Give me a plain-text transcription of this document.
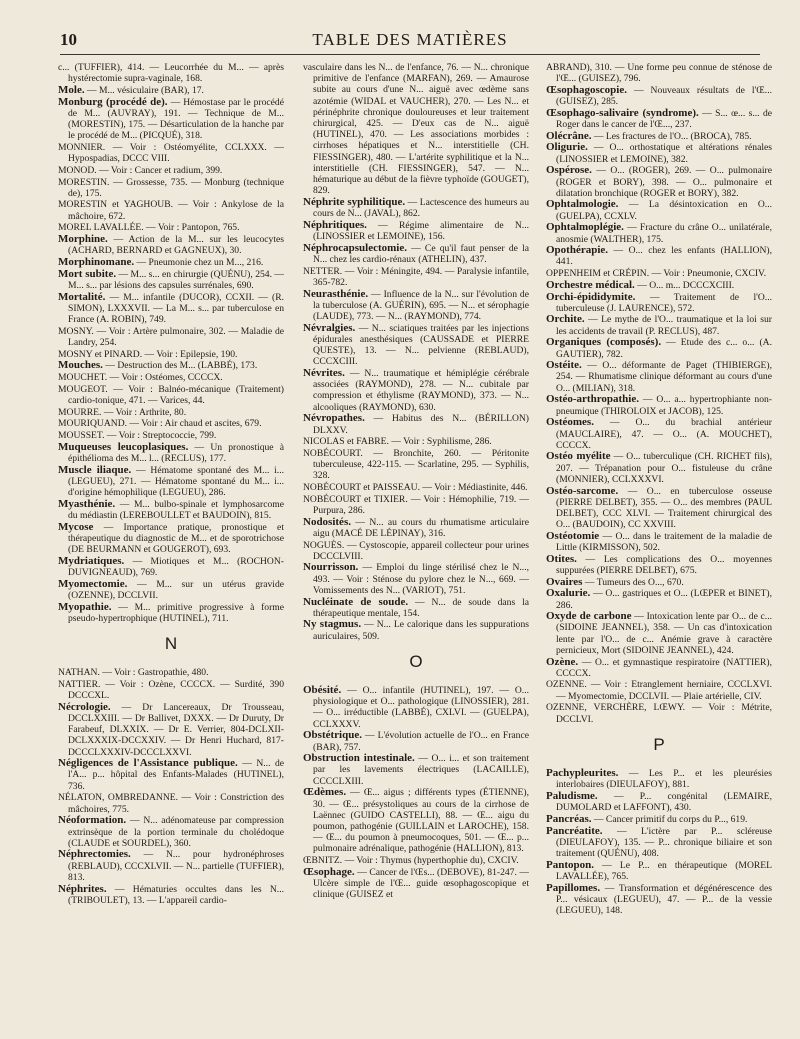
10	TABLE DES MATIÈRES

c... (TUFFIER), 414. — Leucorrhée du M... — après hystérectomie supra-vaginale, 168.

Mole. — M... vésiculaire (BAR), 17.

Monburg (procédé de). — Hémostase par le procédé de M... (AUVRAY), 191. — Technique de M... (MORESTIN), 175. — Désarticulation de la hanche par le procédé de M... (PICQUÉ), 318.

MONNIER. — Voir : Ostéomyélite, CCLXXX. — Hypospadias, DCCC VIII.

MONOD. — Voir : Cancer et radium, 399.

MORESTIN. — Grossesse, 735. — Monburg (technique de), 175.

MORESTIN et YAGHOUB. — Voir : Ankylose de la mâchoire, 672.

MOREL LAVALLÉE. — Voir : Pantopon, 765.

Morphine. — Action de la M... sur les leucocytes (ACHARD, BERNARD et GAGNEUX), 30.

Morphinomane. — Pneumonie chez un M..., 216.

Mort subite. — M... s... en chirurgie (QUÉNU), 254. — M... s... par lésions des capsules surrénales, 690.

Mortalité. — M... infantile (DUCOR), CCXII. — (R. SIMON), LXXXVII. — La M... s... par tuberculose en France (A. ROBIN), 749.

MOSNY. — Voir : Artère pulmonaire, 302. — Maladie de Landry, 254.

MOSNY et PINARD. — Voir : Epilepsie, 190.

Mouches. — Destruction des M... (LABBÉ), 173.

MOUCHET. — Voir : Ostéomes, CCCCX.

MOUGEOT. — Voir : Balnéo-mécanique (Traitement) cardio-tonique, 471. — Varices, 44.

MOURRE. — Voir : Arthrite, 80.

MOURIQUAND. — Voir : Air chaud et ascites, 679.

MOUSSET. — Voir : Streptococcie, 799.

Muqueuses leucoplasiques. — Un pronostique à épithélioma des M... l... (RECLUS), 177.

Muscle iliaque. — Hématome spontané des M... i... (LEGUEU), 271. — Hématome spontané du M... i... d'origine hémophilique (LEGUEU), 286.

Myasthénie. — M... bulbo-spinale et lymphosarcome du médiastin (LEREBOULLET et BAUDOIN), 815.

Mycose — Importance pratique, pronostique et thérapeutique du diagnostic de M... et de sporotrichose (DE BEURMANN et GOUGEROT), 693.

Mydriatiques. — Miotiques et M... (ROCHON-DUVIGNEAUD), 769.

Myomectomie. — M... sur un utérus gravide (OZENNE), DCCLVII.

Myopathie. — M... primitive progressive à forme pseudo-hypertrophique (HUTINEL), 711.

N

NATHAN. — Voir : Gastropathie, 480.

NATTIER. — Voir : Ozène, CCCCX. — Surdité, 390 DCCCXL.

Nécrologie. — Dr Lancereaux, Dr Trousseau, DCCLXXIII. — Dr Ballivet, DXXX. — Dr Duruty, Dr Farabeuf, DLXXIX. — Dr E. Verrier, 804-DCLXII-DCLXXXIX-DCCXXIV. — Dr Henri Huchard, 817-DCCCLXXXIV-DCCCLXXVI.

Négligences de l'Assistance publique. — N... de l'A... p... hôpital des Enfants-Malades (HUTINEL), 736.

NÉLATON, OMBREDANNE. — Voir : Constriction des mâchoires, 775.

Néoformation. — N... adénomateuse par compression extrinsèque de la portion terminale du cholédoque (CLAUDE et SOURDEL), 360.

Néphrectomies. — N... pour hydronéphroses (REBLAUD), CCCXLVII. — N... partielle (TUFFIER), 813.

Néphrites. — Hématuries occultes dans les N... (TRIBOULET), 13. — L'appareil cardio-

vasculaire dans les N... de l'enfance, 76. — N... chronique primitive de l'enfance (MARFAN), 269. — Amaurose subite au cours d'une N... aiguë avec œdème sans azotémie (WIDAL et VAUCHER), 270. — Les N... et périnéphrite chronique douloureuses et leur traitement chirurgical, 425. — D'eux cas de N... aiguë (HUTINEL), 470. — Les associations morbides : cirrhoses hépatiques et N... interstitielle (CH. FIESSINGER), 480. — L'artérite syphilitique et la N... interstitielle (CH. FIESSINGER), 547. — N... hématurique au début de la fièvre typhoïde (GOUGET), 829.

Néphrite syphilitique. — Lactescence des humeurs au cours de N... (JAVAL), 862.

Néphritiques. — Régime alimentaire de N... (LINOSSIER et LEMOINE), 156.

Néphrocapsulectomie. — Ce qu'il faut penser de la N... chez les cardio-rénaux (ATHELIN), 437.

NETTER. — Voir : Méningite, 494. — Paralysie infantile, 365-782.

Neurasthénie. — Influence de la N... sur l'évolution de la tuberculose (A. GUÉRIN), 695. — N... et sérophagie (LAUDE), 773. — N... (RAYMOND), 774.

Névralgies. — N... sciatiques traitées par les injections épidurales anesthésiques (CAUSSADE et PIERRE QUESTE), 13. — N... pelvienne (REBLAUD), CCCXCIII.

Névrites. — N... traumatique et hémiplégie cérébrale associées (RAYMOND), 278. — N... cubitale par compression et éthylisme (RAYMOND), 373. — N... alcooliques (RAYMOND), 630.

Névropathes. — Habitus des N... (BÉRILLON) DLXXV.

NICOLAS et FABRE. — Voir : Syphilisme, 286.

NOBÉCOURT. — Bronchite, 260. — Péritonite tuberculeuse, 422-115. — Scarlatine, 295. — Syphilis, 328.

NOBÉCOURT et PAISSEAU. — Voir : Médiastinite, 446.

NOBÉCOURT et TIXIER. — Voir : Hémophilie, 719. — Purpura, 286.

Nodosités. — N... au cours du rhumatisme articulaire aigu (MACÉ DE LÉPINAY), 316.

NOGUÈS. — Cystoscopie, appareil collecteur pour urines DCCCLVIII.

Nourrisson. — Emploi du linge stérilisé chez le N..., 493. — Voir : Sténose du pylore chez le N..., 669. — Vomissements des N... (VARIOT), 751.

Nucléinate de soude. — N... de soude dans la thérapeutique mentale, 154.

Ny stagmus. — N... Le calorique dans les suppurations auriculaires, 509.

O

Obésité. — O... infantile (HUTINEL), 197. — O... physiologique et O... pathologique (LINOSSIER), 281. — O... irréductible (LABBÉ), CXLVI. — (GUELPA), CCLXXXV.

Obstétrique. — L'évolution actuelle de l'O... en France (BAR), 757.

Obstruction intestinale. — O... i... et son traitement par les lavements électriques (LACAILLE), CCCCLXIII.

Œdèmes. — Œ... aigus ; différents types (ÉTIENNE), 30. — Œ... présystoliques au cours de la cirrhose de Laënnec (GUIDO CASTELLI), 88. — Œ... aigu du poumon, pathogénie (GUILLAIN et LAROCHE), 158. — Œ... du poumon à pneumocoques, 501. — Œ... p... pulmonaire adrénalique, pathogénie (HALLION), 813.

ŒBNITZ. — Voir : Thymus (hyperthophie du), CXCIV.

Œsophage. — Cancer de l'Œs... (DEBOVE), 81-247. — Ulcère simple de l'Œ... guide œsophagoscopique et clinique (GUISEZ et

ABRAND), 310. — Une forme peu connue de sténose de l'Œ... (GUISEZ), 796.

Œsophagoscopie. — Nouveaux résultats de l'Œ... (GUISEZ), 285.

Œsophago-salivaire (syndrome). — S... œ... s... de Roger dans le cancer de l'Œ..., 237.

Olécrâne. — Les fractures de l'O... (BROCA), 785.

Oligurie. — O... orthostatique et altérations rénales (LINOSSIER et LEMOINE), 382.

Ospérose. — O... (ROGER), 269. — O... pulmonaire (ROGER et BORY), 398. — O... pulmonaire et dilatation bronchique (ROGER et BORY), 382.

Ophtalmologie. — La désintoxication en O... (GUELPA), CCXLV.

Ophtalmoplégie. — Fracture du crâne O... unilatérale, anosmie (WALTHER), 175.

Opothérapie. — O... chez les enfants (HALLION), 441.

OPPENHEIM et CRÉPIN. — Voir : Pneumonie, CXCIV.

Orchestre médical. — O... m... DCCCXCIII.

Orchi-épididymite. — Traitement de l'O... tuberculeuse (J. LAURENCE), 572.

Orchite. — Le mythe de l'O... traumatique et la loi sur les accidents de travail (P. RECLUS), 487.

Organiques (composés). — Etude des c... o... (A. GAUTIER), 782.

Ostéite. — O... déformante de Paget (THIBIERGE), 254. — Rhumatisme clinique déformant au cours d'une O... (MILIAN), 318.

Ostéo-arthropathie. — O... a... hypertrophiante non-pneumique (THIROLOIX et JACOB), 125.

Ostéomes. — O... du brachial antérieur (MAUCLAIRE), 47. — O... (A. MOUCHET), CCCCX.

Ostéo myélite — O... tuberculique (CH. RICHET fils), 207. — Trépanation pour O... fistuleuse du crâne (MONNIER), CCLXXXVI.

Ostéo-sarcome. — O... en tuberculose osseuse (PIERRE DELBET), 355. — O... des membres (PAUL DELBET), CCC XLVI. — Traitement chirurgical des O... (BAUDOIN), CC XXVIII.

Ostéotomie — O... dans le traitement de la maladie de Little (KIRMISSON), 502.

Otites. — Les complications des O... moyennes suppurées (PIERRE DELBET), 675.

Ovaires — Tumeurs des O..., 670.

Oxalurie. — O... gastriques et O... (LŒPER et BINET), 286.

Oxyde de carbone — Intoxication lente par O... de c... (SIDOINE JEANNEL), 358. — Un cas d'intoxication lente par l'O... de c... Anémie grave à caractère pernicieux, Mort (SIDOINE JEANNEL), 424.

Ozène. — O... et gymnastique respiratoire (NATTIER), CCCCX.

OZENNE. — Voir : Etranglement herniaire, CCCLXVI. — Myomectomie, DCCLVII. — Plaie artérielle, CIV.

OZENNE, VERCHÈRE, LŒWY. — Voir : Métrite, DCCLVI.

P

Pachypleurites. — Les P... et les pleurésies interlobaires (DIEULAFOY), 881.

Paludisme. — P... congénital (LEMAIRE, DUMOLARD et LAFFONT), 430.

Pancréas. — Cancer primitif du corps du P..., 619.

Pancréatite. — L'ictère par P... scléreuse (DIEULAFOY), 135. — P... chronique biliaire et son traitement (QUÉNU), 408.

Pantopon. — Le P... en thérapeutique (MOREL LAVALLÉE), 765.

Papillomes. — Transformation et dégénérescence des P... vésicaux (LEGUEU), 47. — P... de la vessie (LEGUEU), 148.
